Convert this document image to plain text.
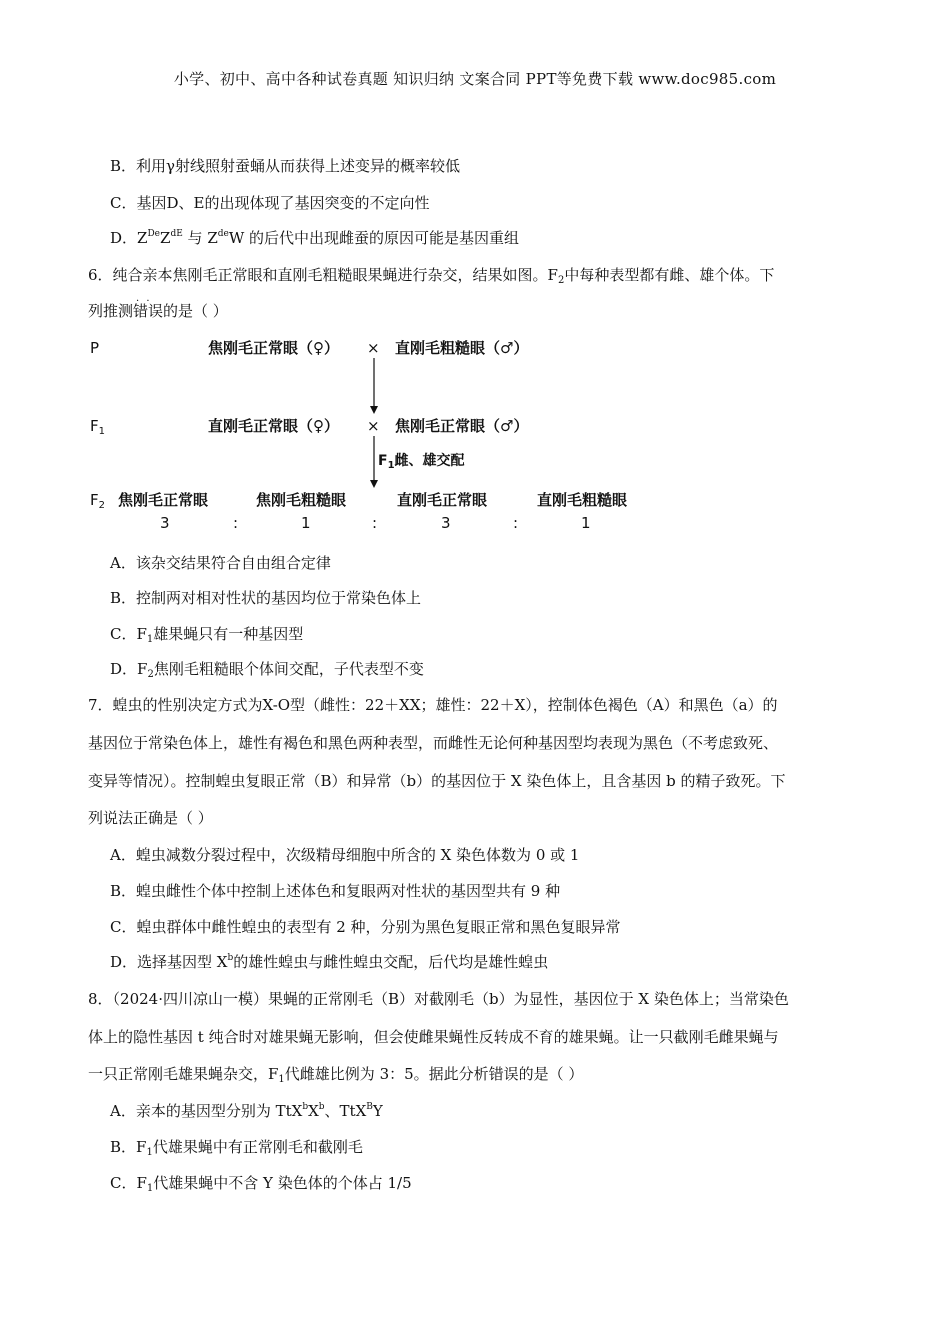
小学、初中、高中各种试卷真题 知识归纳 文案合同 PPT等免费下载 www.doc985.com
B．利用γ射线照射蚕蛹从而获得上述变异的概率较低
C．基因D、E的出现体现了基因突变的不定向性
D．$Z^{De}Z^{dE}$ 与 $Z^{de}W$ 的后代中出现雌蚕的原因可能是基因重组
6．纯合亲本焦刚毛正常眼和直刚毛粗糙眼果蝇进行杂交，结果如图。$F_2$中每种表型都有雌、雄个体。下
列推测错误 · ·的是（ ）
P	焦刚毛正常眼（♀） × 直刚毛粗糙眼（♂）
$F_1$	直刚毛正常眼（♀） × 焦刚毛正常眼（♂）
$F_1$雌、雄交配
$F_2$ 焦刚毛正常眼	焦刚毛粗糙眼	直刚毛正常眼	直刚毛粗糙眼
3	:	1	:	3	:	1
A．该杂交结果符合自由组合定律
B．控制两对相对性状的基因均位于常染色体上
C．$F_1$雄果蝇只有一种基因型
D．$F_2$焦刚毛粗糙眼个体间交配，子代表型不变
7．蝗虫的性别决定方式为X-O型（雌性：22＋XX；雄性：22＋X），控制体色褐色（A）和黑色（a）的
基因位于常染色体上，雄性有褐色和黑色两种表型，而雌性无论何种基因型均表现为黑色（不考虑致死、
变异等情况）。控制蝗虫复眼正常（B）和异常（b）的基因位于 X 染色体上，且含基因 b 的精子致死。下
列说法正确是（ ）
A．蝗虫减数分裂过程中，次级精母细胞中所含的 X 染色体数为 0 或 1
B．蝗虫雌性个体中控制上述体色和复眼两对性状的基因型共有 9 种
C．蝗虫群体中雌性蝗虫的表型有 2 种，分别为黑色复眼正常和黑色复眼异常
D．选择基因型 $X^b$的雄性蝗虫与雌性蝗虫交配，后代均是雄性蝗虫
8．（2024·四川凉山一模）果蝇的正常刚毛（B）对截刚毛（b）为显性，基因位于 X 染色体上；当常染色
体上的隐性基因 t 纯合时对雄果蝇无影响，但会使雌果蝇性反转成不育的雄果蝇。让一只截刚毛雌果蝇与
一只正常刚毛雄果蝇杂交，$F_1$代雌雄比例为 3：5。据此分析错误的是（ ）
A．亲本的基因型分别为 $TtX^bX^b$、TtX$^B$Y
B．$F_1$代雄果蝇中有正常刚毛和截刚毛
C．$F_1$代雄果蝇中不含 Y 染色体的个体占 1/5
